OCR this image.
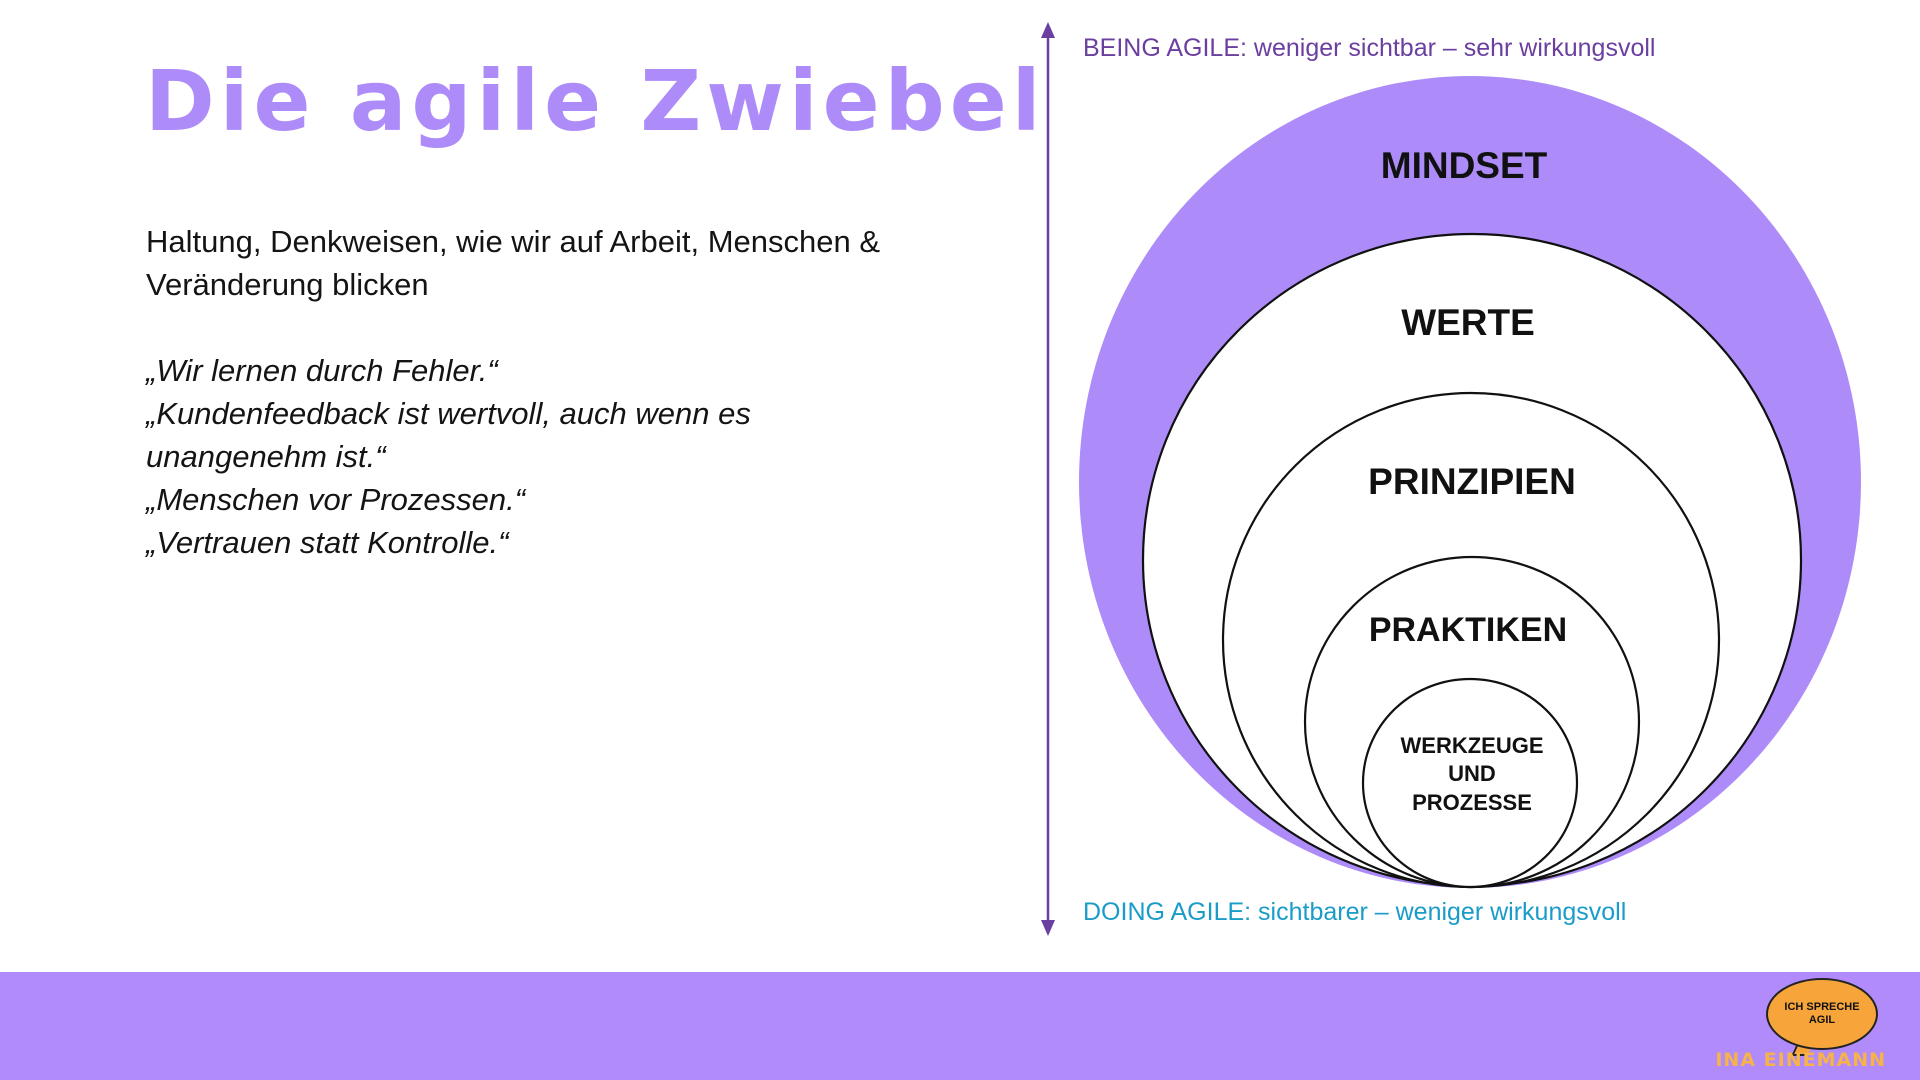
Die agile Zwiebel

Haltung, Denkweisen, wie wir auf Arbeit, Menschen &
Veränderung blicken

„Wir lernen durch Fehler.“
„Kundenfeedback ist wertvoll, auch wenn es
unangenehm ist.“
„Menschen vor Prozessen.“
„Vertrauen statt Kontrolle.“
BEING AGILE: weniger sichtbar – sehr wirkungsvoll
DOING AGILE: sichtbarer – weniger wirkungsvoll
MINDSET
WERTE
PRINZIPIEN
PRAKTIKEN
WERKZEUGE
UND
PROZESSE
ICH SPRECHE
AGIL

INA EINEMANN
